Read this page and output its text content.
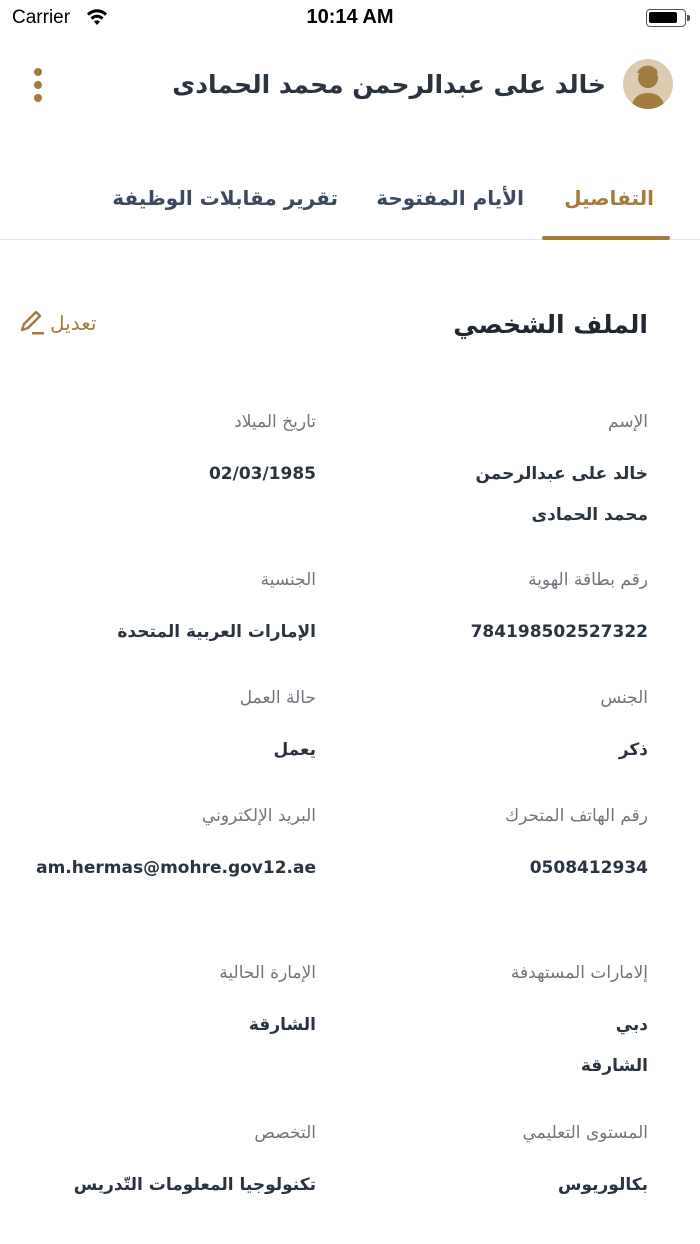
Carrier	10:14 AM
خالد على عبدالرحمن محمد الحمادى
التفاصيل
الأيام المفتوحة
تقرير مقابلات الوظيفة
الملف الشخصي
تعديل
الإسم
خالد على عبدالرحمن محمد الحمادى
تاريخ الميلاد
02/03/1985
رقم بطاقة الهوية
784198502527322
الجنسية
الإمارات العربية المتحدة
الجنس
ذكر
حالة العمل
يعمل
رقم الهاتف المتحرك
0508412934
البريد الإلكتروني
am.hermas@mohre.gov12.ae
إلامارات المستهدفة
دبي
الشارقة
الإمارة الحالية
الشارقة
المستوى التعليمي
بكالوريوس
التخصص
تكنولوجيا المعلومات التّدريس
